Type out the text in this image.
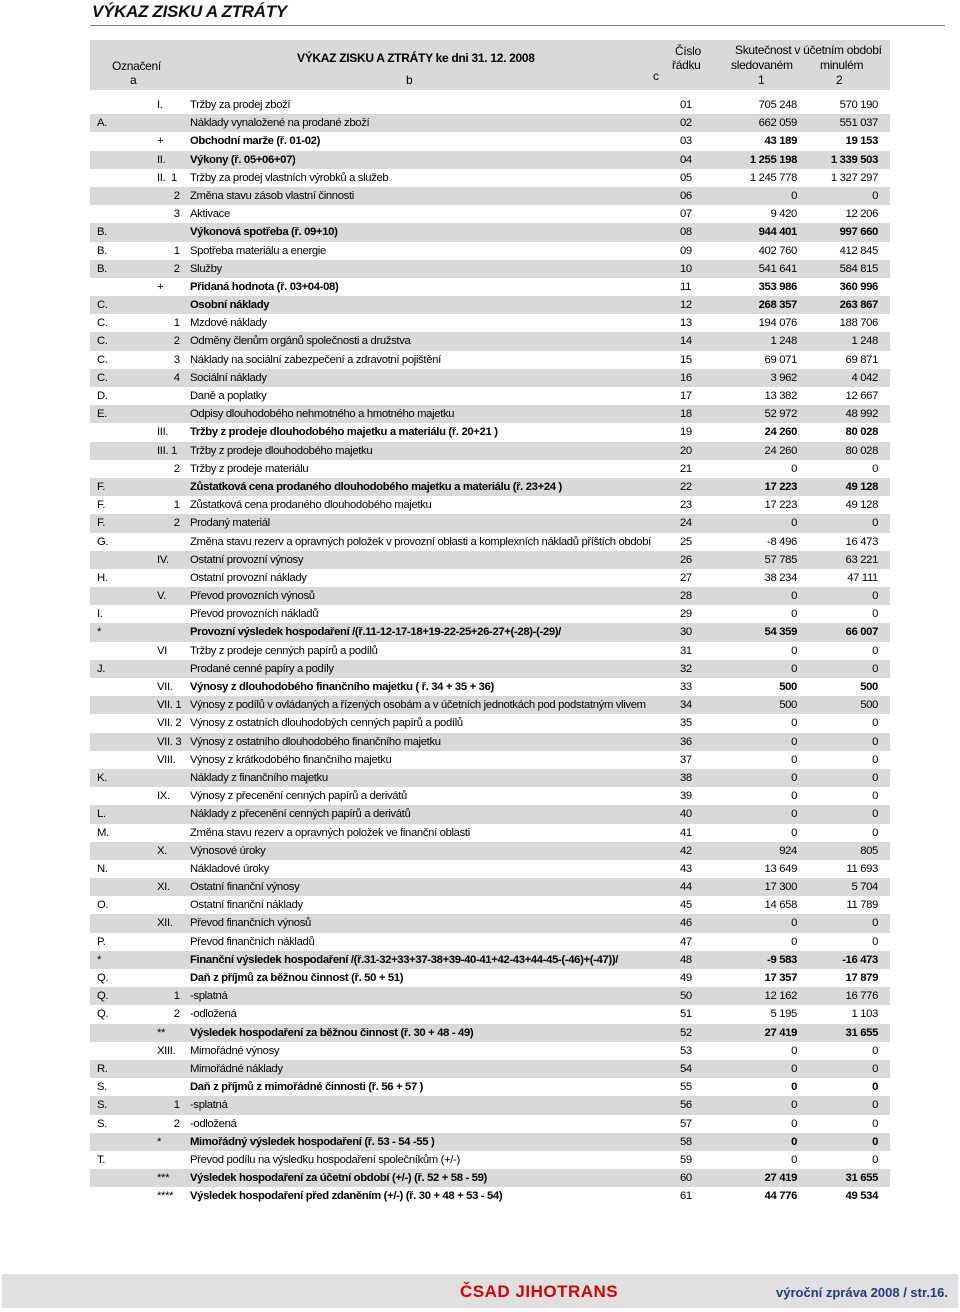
VÝKAZ ZISKU A ZTRÁTY
Označení
a
VÝKAZ ZISKU A ZTRÁTY ke dni 31. 12. 2008
b	c
Číslo
řádku
Skutečnost v účetním období
sledovaném minulém
1	2
I. Tržby za prodej zboží	01	705 248	570 190
A.	Náklady vynaložené na prodané zboží	02	662 059	551 037
+ Obchodní marže (ř. 01-02)	03	43 189	19 153
II. Výkony (ř. 05+06+07)	04	1 255 198	1 339 503
II.  1 Tržby za prodej vlastních výrobků a služeb	05	1 245 778	1 327 297
2 Změna stavu zásob vlastní činnosti	06	0	0
3 Aktivace	07	9 420	12 206
B.	Výkonová spotřeba (ř. 09+10)	08	944 401	997 660
B.	1 Spotřeba materiálu a energie	09	402 760	412 845
B.	2 Služby	10	541 641	584 815
+ Přidaná hodnota (ř. 03+04-08)	11	353 986	360 996
C.	Osobní náklady	12	268 357	263 867
C.	1 Mzdové náklady	13	194 076	188 706
C.	2 Odměny členům orgánů společnosti a družstva	14	1 248	1 248
C.	3 Náklady na sociální zabezpečení a zdravotní pojištění	15	69 071	69 871
C.	4 Sociální náklady	16	3 962	4 042
D.	Daně a poplatky	17	13 382	12 667
E.	Odpisy dlouhodobého nehmotného a hmotného majetku	18	52 972	48 992
III. Tržby z prodeje dlouhodobého majetku a materiálu (ř. 20+21 )	19	24 260	80 028
III. 1 Tržby z prodeje dlouhodobého majetku	20	24 260	80 028
2 Tržby z prodeje materiálu	21	0	0
F.	Zůstatková cena prodaného dlouhodobého majetku a materiálu (ř. 23+24 )	22	17 223	49 128
F.	1 Zůstatková cena prodaného dlouhodobého majetku	23	17 223	49 128
F.	2 Prodaný materiál	24	0	0
G.	Změna stavu rezerv a opravných položek v provozní oblasti a komplexních nákladů příštích období	25	-8 496	16 473
IV. Ostatní provozní výnosy	26	57 785	63 221
H.	Ostatní provozní náklady	27	38 234	47 111
V. Převod provozních výnosů	28	0	0
I.	Převod provozních nákladů	29	0	0
*	Provozní výsledek hospodaření /(ř.11-12-17-18+19-22-25+26-27+(-28)-(-29)/	30	54 359	66 007
VI Tržby z prodeje cenných papírů a podílů	31	0	0
J.	Prodané cenné papíry a podíly	32	0	0
VII. Výnosy z dlouhodobého finančního majetku ( ř. 34 + 35 + 36)	33	500	500
VII. 1 Výnosy z podílů v ovládaných a řízených osobám a v účetních jednotkách pod podstatným vlivem	34	500	500
VII. 2 Výnosy z ostatních dlouhodobých cenných papírů a podílů	35	0	0
VII. 3 Výnosy z ostatního dlouhodobého finančního majetku	36	0	0
VIII. Výnosy z krátkodobého finančního majetku	37	0	0
K.	Náklady z finančního majetku	38	0	0
IX. Výnosy z přecenění cenných papírů a derivátů	39	0	0
L.	Náklady z přecenění cenných papírů a derivátů	40	0	0
M.	Změna stavu rezerv a opravných položek ve finanční oblasti	41	0	0
X. Výnosové úroky	42	924	805
N.	Nákladové úroky	43	13 649	11 693
XI. Ostatní finanční výnosy	44	17 300	5 704
O.	Ostatní finanční náklady	45	14 658	11 789
XII. Převod finančních výnosů	46	0	0
P.	Převod finančních nákladů	47	0	0
*	Finanční výsledek hospodaření /(ř.31-32+33+37-38+39-40-41+42-43+44-45-(-46)+(-47))/	48	-9 583	-16 473
Q.	Daň z příjmů za běžnou činnost (ř. 50 + 51)	49	17 357	17 879
Q.	1 -splatná	50	12 162	16 776
Q.	2 -odložená	51	5 195	1 103
** Výsledek hospodaření za běžnou činnost (ř. 30 + 48 - 49)	52	27 419	31 655
XIII. Mimořádné výnosy	53	0	0
R.	Mimořádné náklady	54	0	0
S.	Daň z příjmů z mimořádné činnosti (ř. 56 + 57 )	55	0	0
S.	1 -splatná	56	0	0
S.	2 -odložená	57	0	0
*	Mimořádný výsledek hospodaření (ř. 53 - 54 -55 )	58	0	0
T.	Převod podílu na výsledku hospodaření společníkům (+/-)	59	0	0
*** Výsledek hospodaření za účetní období (+/-) (ř. 52 + 58 - 59)	60	27 419	31 655
**** Výsledek hospodaření před zdaněním (+/-) (ř. 30 + 48 + 53 - 54)	61	44 776	49 534
ČSAD JIHOTRANS	výroční zpráva 2008 / str.16.
